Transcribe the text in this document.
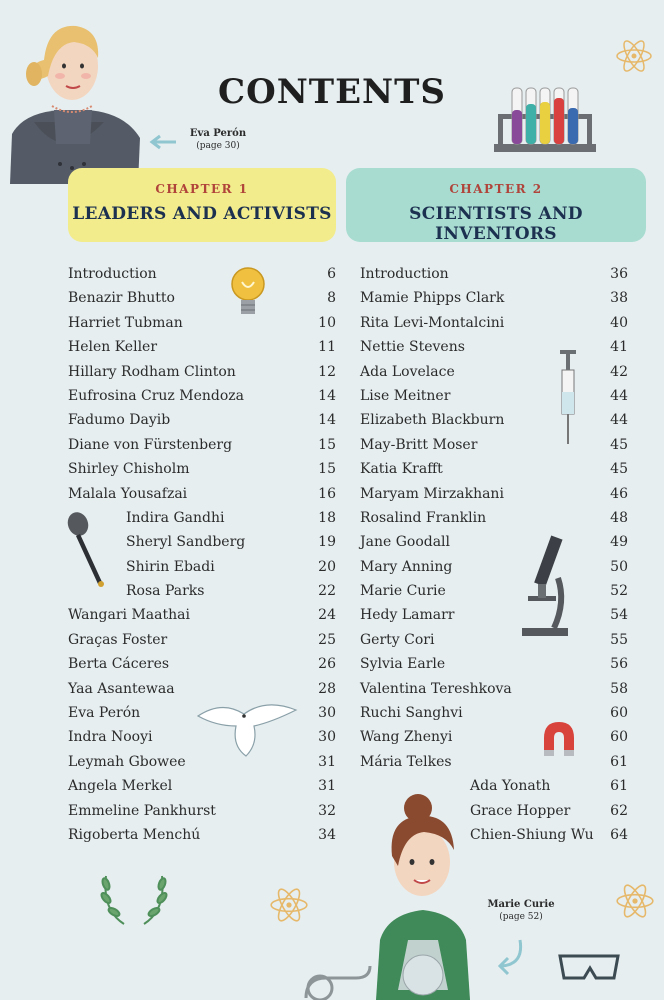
Eva Perón
(page 30)
CONTENTS
CHAPTER 1
LEADERS AND ACTIVISTS
CHAPTER 2
SCIENTISTS AND INVENTORS
Introduction	6
Benazir Bhutto	8
Harriet Tubman	10
Helen Keller	11
Hillary Rodham Clinton	12
Eufrosina Cruz Mendoza	14
Fadumo Dayib	14
Diane von Fürstenberg	15
Shirley Chisholm	15
Malala Yousafzai	16
Indira Gandhi	18
Sheryl Sandberg	19
Shirin Ebadi	20
Rosa Parks	22
Wangari Maathai	24
Graças Foster	25
Berta Cáceres	26
Yaa Asantewaa	28
Eva Perón	30
Indra Nooyi	30
Leymah Gbowee	31
Angela Merkel	31
Emmeline Pankhurst	32
Rigoberta Menchú	34
Introduction	36
Mamie Phipps Clark	38
Rita Levi-Montalcini	40
Nettie Stevens	41
Ada Lovelace	42
Lise Meitner	44
Elizabeth Blackburn	44
May-Britt Moser	45
Katia Krafft	45
Maryam Mirzakhani	46
Rosalind Franklin	48
Jane Goodall	49
Mary Anning	50
Marie Curie	52
Hedy Lamarr	54
Gerty Cori	55
Sylvia Earle	56
Valentina Tereshkova	58
Ruchi Sanghvi	60
Wang Zhenyi	60
Mária Telkes	61
Ada Yonath	61
Grace Hopper	62
Chien-Shiung Wu 64
Marie Curie
(page 52)
